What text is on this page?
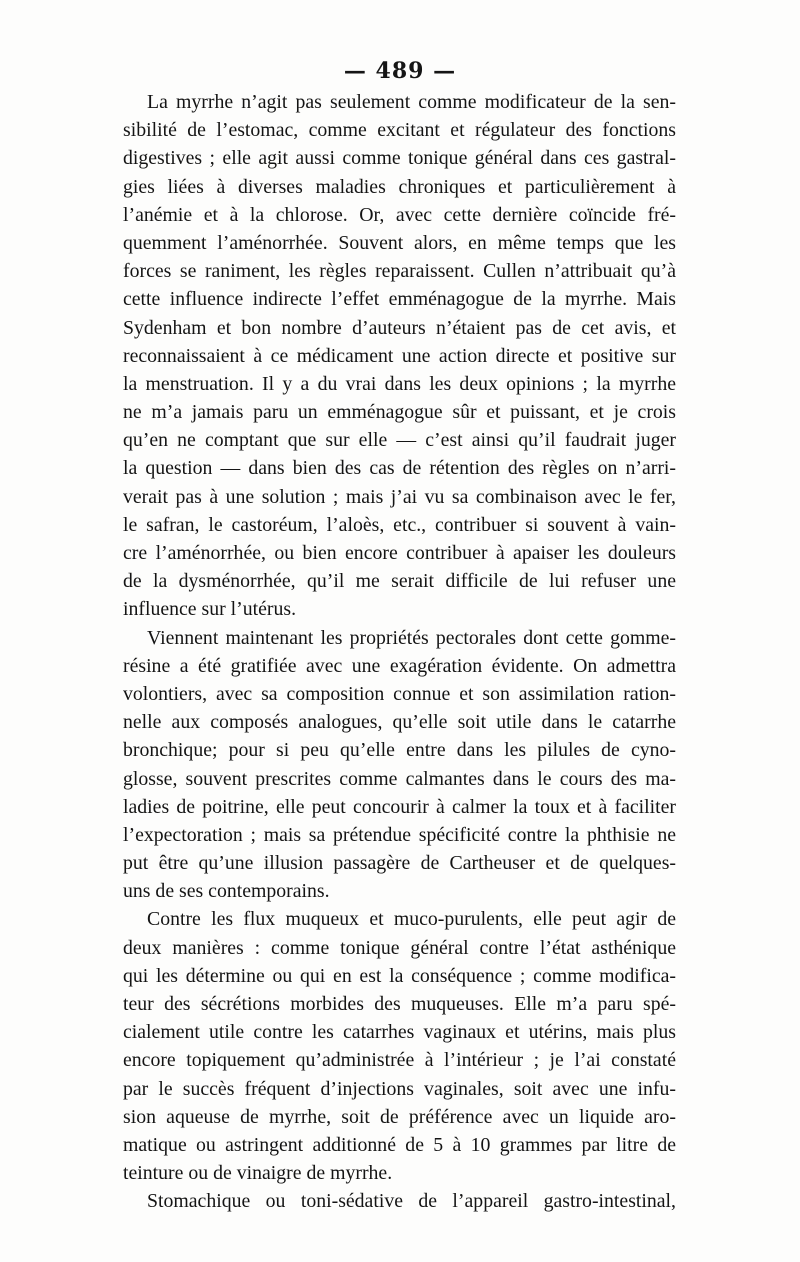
— 489 —
La myrrhe n’agit pas seulement comme modificateur de la sen-
sibilité de l’estomac, comme excitant et régulateur des fonctions
digestives ; elle agit aussi comme tonique général dans ces gastral-
gies liées à diverses maladies chroniques et particulièrement à
l’anémie et à la chlorose. Or, avec cette dernière coïncide fré-
quemment l’aménorrhée. Souvent alors, en même temps que les
forces se raniment, les règles reparaissent. Cullen n’attribuait qu’à
cette influence indirecte l’effet emménagogue de la myrrhe. Mais
Sydenham et bon nombre d’auteurs n’étaient pas de cet avis, et
reconnaissaient à ce médicament une action directe et positive sur
la menstruation. Il y a du vrai dans les deux opinions ; la myrrhe
ne m’a jamais paru un emménagogue sûr et puissant, et je crois
qu’en ne comptant que sur elle — c’est ainsi qu’il faudrait juger
la question — dans bien des cas de rétention des règles on n’arri-
verait pas à une solution ; mais j’ai vu sa combinaison avec le fer,
le safran, le castoréum, l’aloès, etc., contribuer si souvent à vain-
cre l’aménorrhée, ou bien encore contribuer à apaiser les douleurs
de la dysménorrhée, qu’il me serait difficile de lui refuser une
influence sur l’utérus.
Viennent maintenant les propriétés pectorales dont cette gomme-
résine a été gratifiée avec une exagération évidente. On admettra
volontiers, avec sa composition connue et son assimilation ration-
nelle aux composés analogues, qu’elle soit utile dans le catarrhe
bronchique; pour si peu qu’elle entre dans les pilules de cyno-
glosse, souvent prescrites comme calmantes dans le cours des ma-
ladies de poitrine, elle peut concourir à calmer la toux et à faciliter
l’expectoration ; mais sa prétendue spécificité contre la phthisie ne
put être qu’une illusion passagère de Cartheuser et de quelques-
uns de ses contemporains.
Contre les flux muqueux et muco-purulents, elle peut agir de
deux manières : comme tonique général contre l’état asthénique
qui les détermine ou qui en est la conséquence ; comme modifica-
teur des sécrétions morbides des muqueuses. Elle m’a paru spé-
cialement utile contre les catarrhes vaginaux et utérins, mais plus
encore topiquement qu’administrée à l’intérieur ; je l’ai constaté
par le succès fréquent d’injections vaginales, soit avec une infu-
sion aqueuse de myrrhe, soit de préférence avec un liquide aro-
matique ou astringent additionné de 5 à 10 grammes par litre de
teinture ou de vinaigre de myrrhe.
Stomachique ou toni-sédative de l’appareil gastro-intestinal,
